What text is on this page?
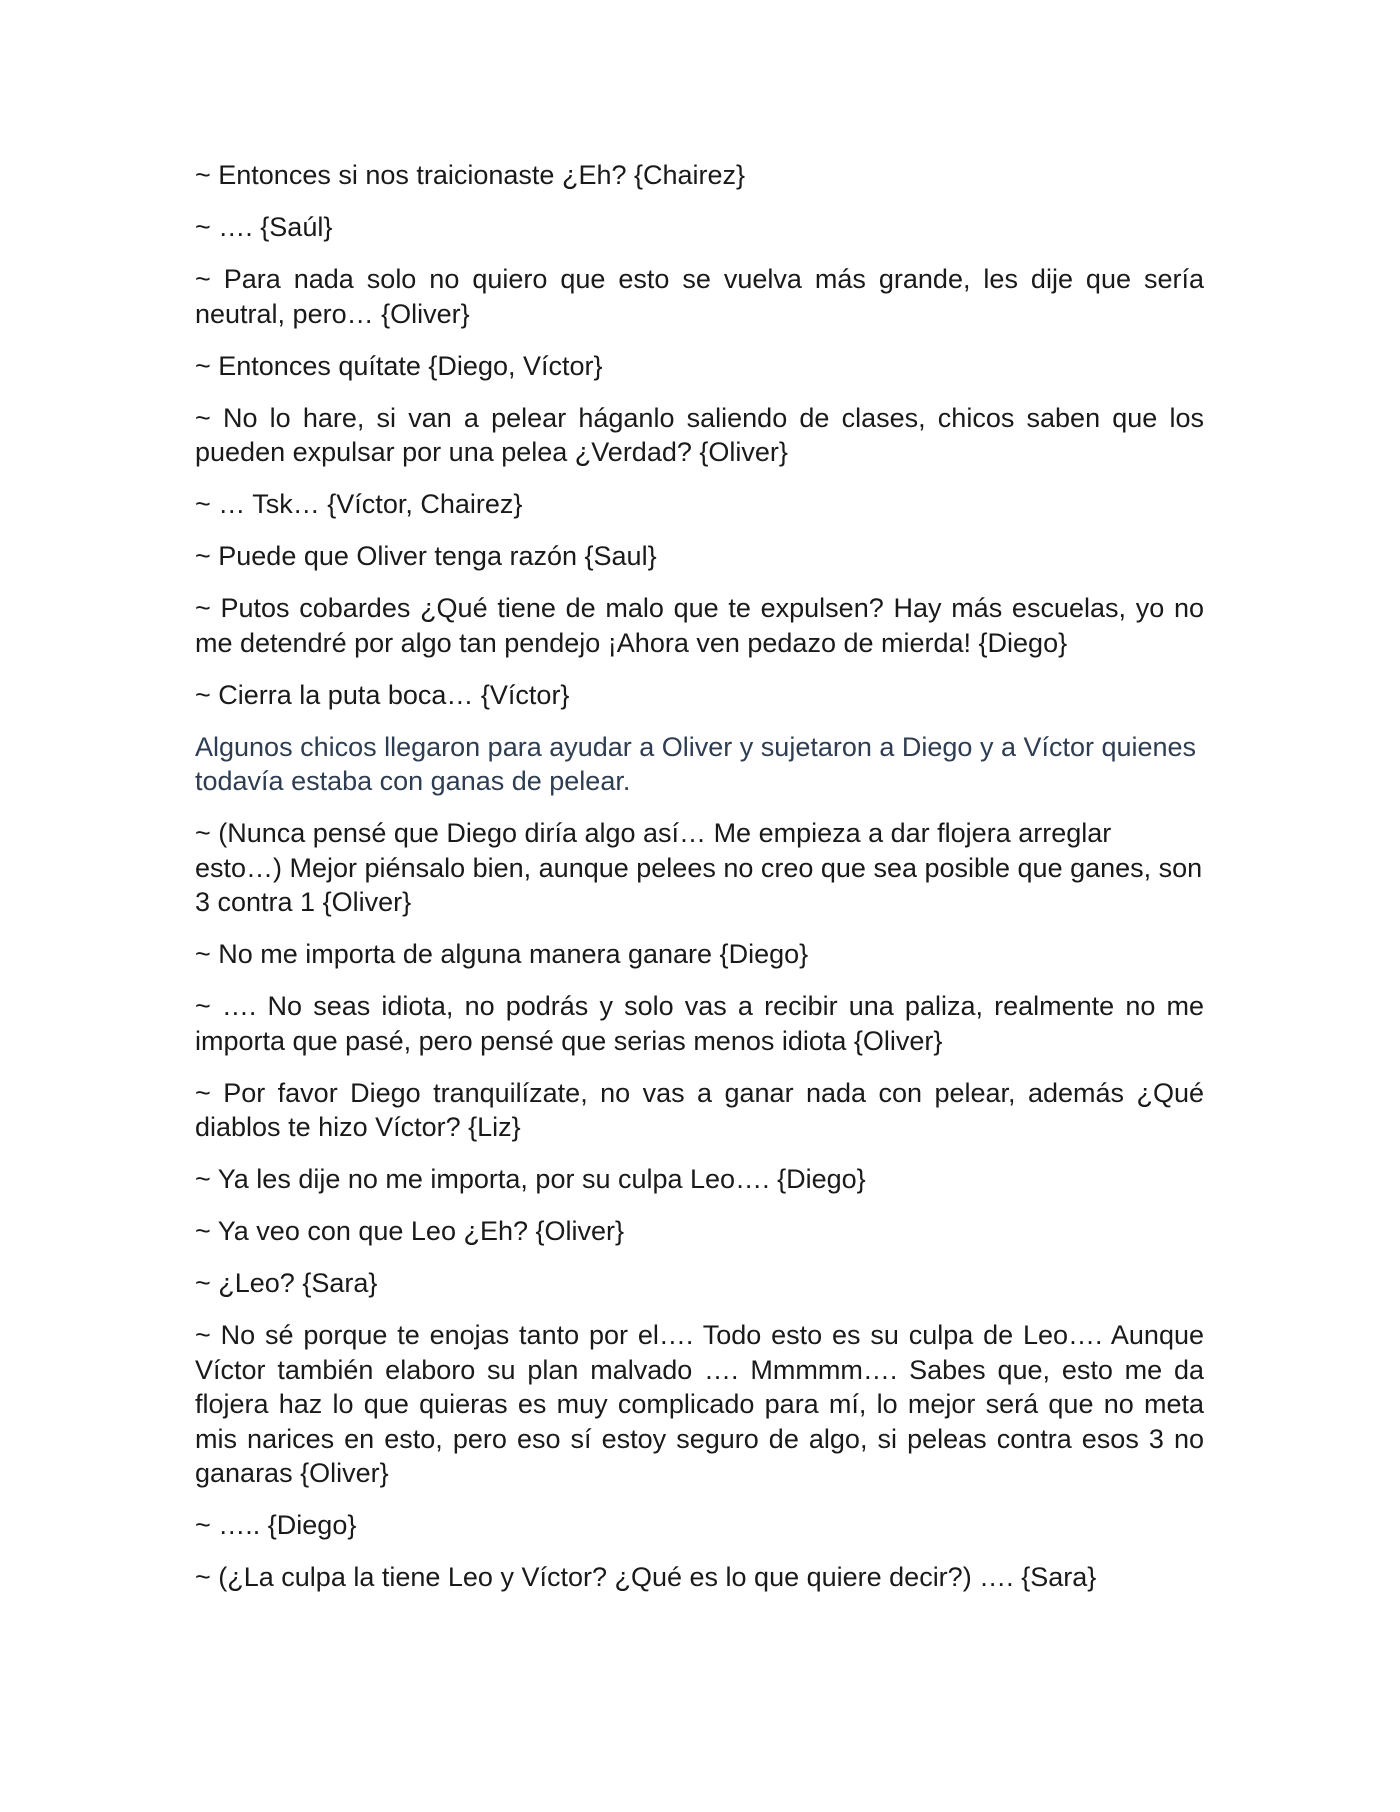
~ Entonces si nos traicionaste ¿Eh? {Chairez}

~ …. {Saúl}

~ Para nada solo no quiero que esto se vuelva más grande, les dije que sería neutral, pero… {Oliver}

~ Entonces quítate {Diego, Víctor}

~ No lo hare, si van a pelear háganlo saliendo de clases, chicos saben que los pueden expulsar por una pelea ¿Verdad? {Oliver}

~ … Tsk… {Víctor, Chairez}

~ Puede que Oliver tenga razón {Saul}

~ Putos cobardes ¿Qué tiene de malo que te expulsen? Hay más escuelas, yo no me detendré por algo tan pendejo ¡Ahora ven pedazo de mierda! {Diego}

~ Cierra la puta boca… {Víctor}

Algunos chicos llegaron para ayudar a Oliver y sujetaron a Diego y a Víctor quienes todavía estaba con ganas de pelear.

~ (Nunca pensé que Diego diría algo así… Me empieza a dar flojera arreglar esto…) Mejor piénsalo bien, aunque pelees no creo que sea posible que ganes, son 3 contra 1 {Oliver}

~ No me importa de alguna manera ganare {Diego}

~ …. No seas idiota, no podrás y solo vas a recibir una paliza, realmente no me importa que pasé, pero pensé que serias menos idiota {Oliver}

~ Por favor Diego tranquilízate, no vas a ganar nada con pelear, además ¿Qué diablos te hizo Víctor? {Liz}

~ Ya les dije no me importa, por su culpa Leo…. {Diego}

~ Ya veo con que Leo ¿Eh? {Oliver}

~ ¿Leo? {Sara}

~ No sé porque te enojas tanto por el…. Todo esto es su culpa de Leo…. Aunque Víctor también elaboro su plan malvado …. Mmmmm…. Sabes que, esto me da flojera haz lo que quieras es muy complicado para mí, lo mejor será que no meta mis narices en esto, pero eso sí estoy seguro de algo, si peleas contra esos 3 no ganaras {Oliver}

~ ….. {Diego}

~ (¿La culpa la tiene Leo y Víctor? ¿Qué es lo que quiere decir?) …. {Sara}
